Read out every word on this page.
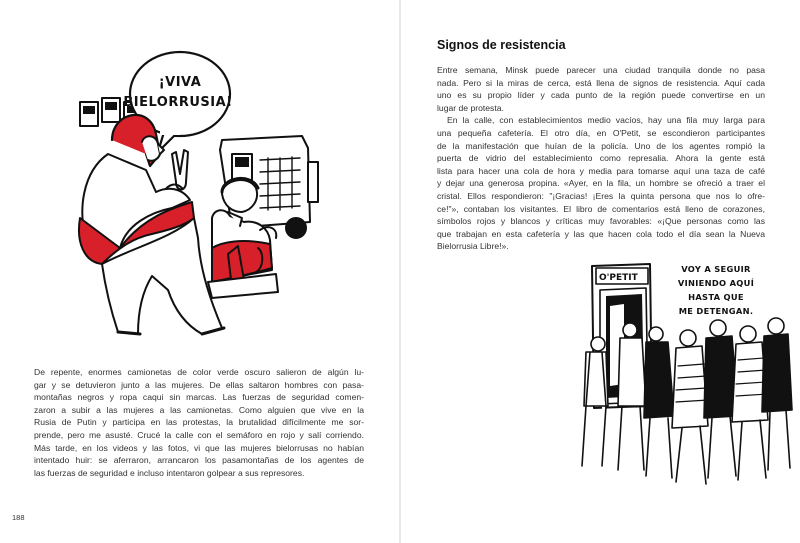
¡VIVA
BIELORRUSIA!
Signos de resistencia
Entre semana, Minsk puede parecer una ciudad tranquila donde no pasa
nada. Pero si la miras de cerca, está llena de signos de resistencia. Aquí cada
uno es su propio líder y cada punto de la región puede convertirse en un
lugar de protesta.
En la calle, con establecimientos medio vacíos, hay una fila muy larga para
una pequeña cafetería. El otro día, en O'Petit, se escondieron participantes
de la manifestación que huían de la policía. Uno de los agentes rompió la
puerta de vidrio del establecimiento como represalia. Ahora la gente está
lista para hacer una cola de hora y media para tomarse aquí una taza de café
y dejar una generosa propina. «Ayer, en la fila, un hombre se ofreció a traer el
cristal. Ellos respondieron: "¡Gracias! ¡Eres la quinta persona que nos lo ofre-
ce!"», contaban los visitantes. El libro de comentarios está lleno de corazones,
símbolos rojos y blancos y críticas muy favorables: «¡Que personas como las
que trabajan en esta cafetería y las que hacen cola todo el día sean la Nueva
Bielorrusia Libre!».
O'PETIT
VOY A SEGUIR
VINIENDO AQUÍ
HASTA QUE
ME DETENGAN.
De repente, enormes camionetas de color verde oscuro salieron de algún lu-
gar y se detuvieron junto a las mujeres. De ellas saltaron hombres con pasa-
montañas negros y ropa caqui sin marcas. Las fuerzas de seguridad comen-
zaron a subir a las mujeres a las camionetas. Como alguien que vive en la
Rusia de Putin y participa en las protestas, la brutalidad difícilmente me sor-
prende, pero me asusté. Crucé la calle con el semáforo en rojo y salí corriendo.
Más tarde, en los videos y las fotos, vi que las mujeres bielorrusas no habían
intentado huir: se aferraron, arrancaron los pasamontañas de los agentes de
las fuerzas de seguridad e incluso intentaron golpear a sus represores.
188
